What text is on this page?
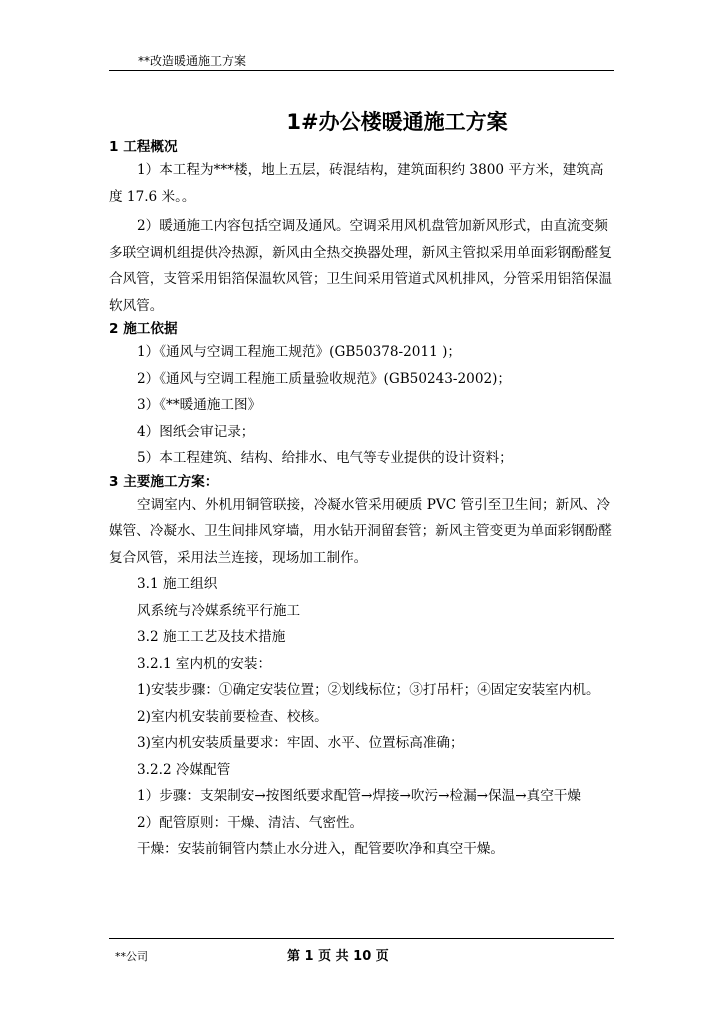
**改造暖通施工方案
1#办公楼暖通施工方案
1 工程概况
1）本工程为***楼，地上五层，砖混结构，建筑面积约 3800 平方米，建筑高度 17.6 米。。
2）暖通施工内容包括空调及通风。空调采用风机盘管加新风形式，由直流变频多联空调机组提供冷热源，新风由全热交换器处理，新风主管拟采用单面彩钢酚醛复合风管，支管采用铝箔保温软风管；卫生间采用管道式风机排风，分管采用铝箔保温软风管。
2 施工依据
1）《通风与空调工程施工规范》(GB50378-2011 )；
2）《通风与空调工程施工质量验收规范》(GB50243-2002)；
3）《**暖通施工图》
4）图纸会审记录；
5）本工程建筑、结构、给排水、电气等专业提供的设计资料；
3 主要施工方案：
空调室内、外机用铜管联接，冷凝水管采用硬质 PVC 管引至卫生间；新风、冷媒管、冷凝水、卫生间排风穿墙，用水钻开洞留套管；新风主管变更为单面彩钢酚醛复合风管，采用法兰连接，现场加工制作。
3.1 施工组织
风系统与冷媒系统平行施工
3.2 施工工艺及技术措施
3.2.1 室内机的安装：
1)安装步骤：①确定安装位置；②划线标位；③打吊杆；④固定安装室内机。
2)室内机安装前要检查、校核。
3)室内机安装质量要求：牢固、水平、位置标高准确；
3.2.2 冷媒配管
1）步骤：支架制安→按图纸要求配管→焊接→吹污→检漏→保温→真空干燥
2）配管原则：干燥、清洁、气密性。
干燥：安装前铜管内禁止水分进入，配管要吹净和真空干燥。
**公司	第 1 页 共 10 页
